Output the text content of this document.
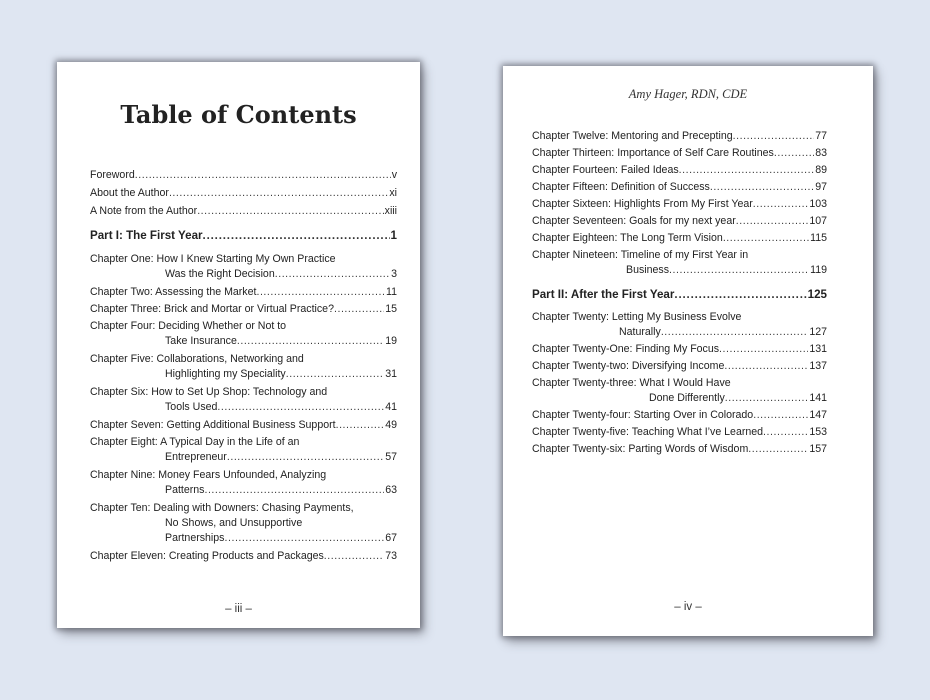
Table of Contents
Foreword . . .	v
About the Author . . .	xi
A Note from the Author . . .	xiii
Part I: The First Year . . .	1
Chapter One: How I Knew Starting My Own Practice
Was the Right Decision . . .	3
Chapter Two: Assessing the Market . . .	11
Chapter Three: Brick and Mortar or Virtual Practice? . . .	15
Chapter Four: Deciding Whether or Not to
Take Insurance . . .	19
Chapter Five: Collaborations, Networking and
Highlighting my Speciality . . .	31
Chapter Six: How to Set Up Shop: Technology and
Tools Used . . .	41
Chapter Seven: Getting Additional Business Support . . .	49
Chapter Eight: A Typical Day in the Life of an
Entrepreneur . . .	57
Chapter Nine: Money Fears Unfounded, Analyzing
Patterns . . .	63
Chapter Ten: Dealing with Downers: Chasing Payments,
No Shows, and Unsupportive
Partnerships . . .	67
Chapter Eleven: Creating Products and Packages . . .	73
– iii –
Amy Hager, RDN, CDE
Chapter Twelve: Mentoring and Precepting . . .	77
Chapter Thirteen: Importance of Self Care Routines . . .	83
Chapter Fourteen: Failed Ideas . . .	89
Chapter Fifteen: Definition of Success . . .	97
Chapter Sixteen: Highlights From My First Year . . .	103
Chapter Seventeen: Goals for my next year . . .	107
Chapter Eighteen: The Long Term Vision . . .	115
Chapter Nineteen: Timeline of my First Year in
Business . . .	119
Part II: After the First Year . . .	125
Chapter Twenty: Letting My Business Evolve
Naturally . . .	127
Chapter Twenty-One: Finding My Focus . . .	131
Chapter Twenty-two: Diversifying Income . . .	137
Chapter Twenty-three: What I Would Have
Done Differently . . .	141
Chapter Twenty-four: Starting Over in Colorado . . .	147
Chapter Twenty-five: Teaching What I’ve Learned . . .	153
Chapter Twenty-six: Parting Words of Wisdom . . .	157
– iv –
